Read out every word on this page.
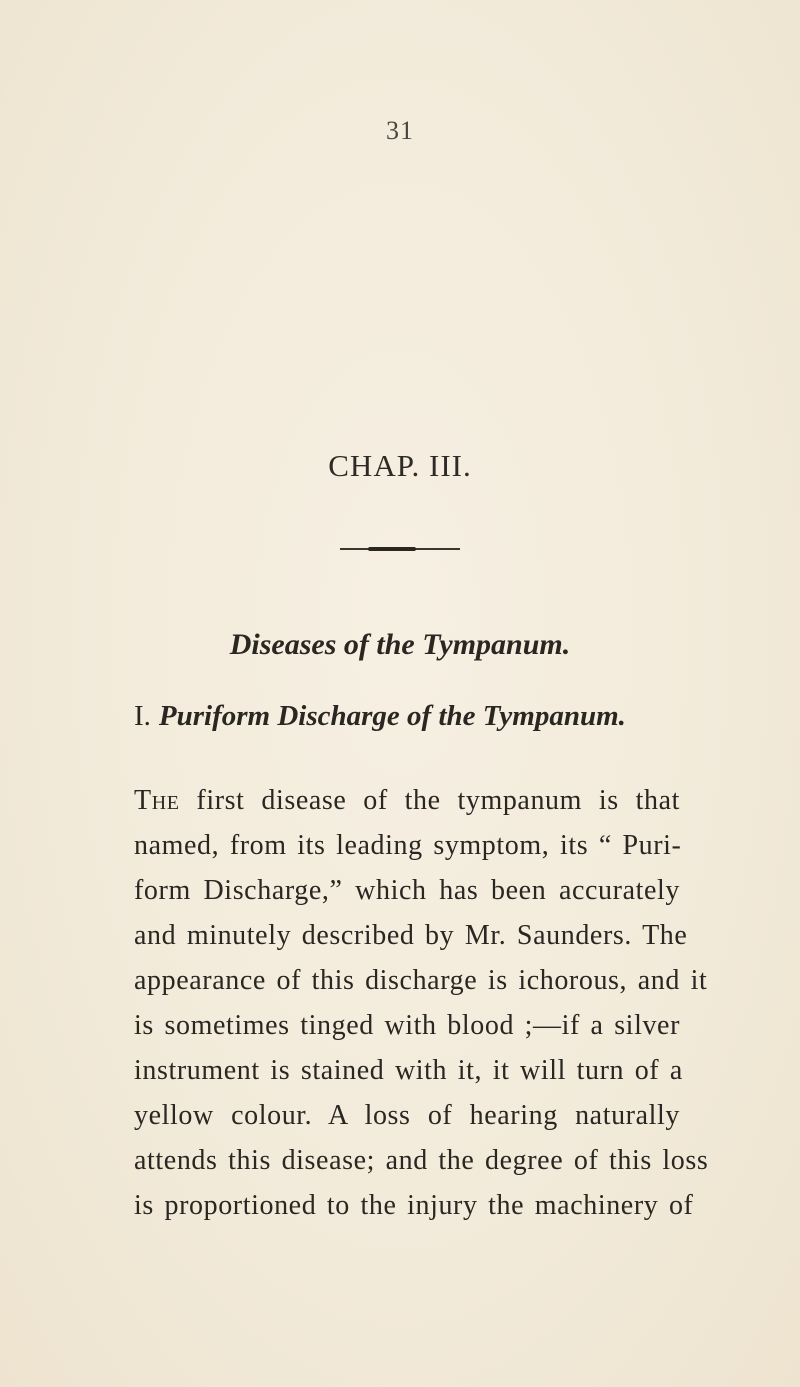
31
CHAP. III.
Diseases of the Tympanum.
I. Puriform Discharge of the Tympanum.
The first disease of the tympanum is that
named, from its leading symptom, its “ Puri-
form Discharge,” which has been accurately
and minutely described by Mr. Saunders. The
appearance of this discharge is ichorous, and it
is sometimes tinged with blood ;—if a silver
instrument is stained with it, it will turn of a
yellow colour. A loss of hearing naturally
attends this disease; and the degree of this loss
is proportioned to the injury the machinery of
